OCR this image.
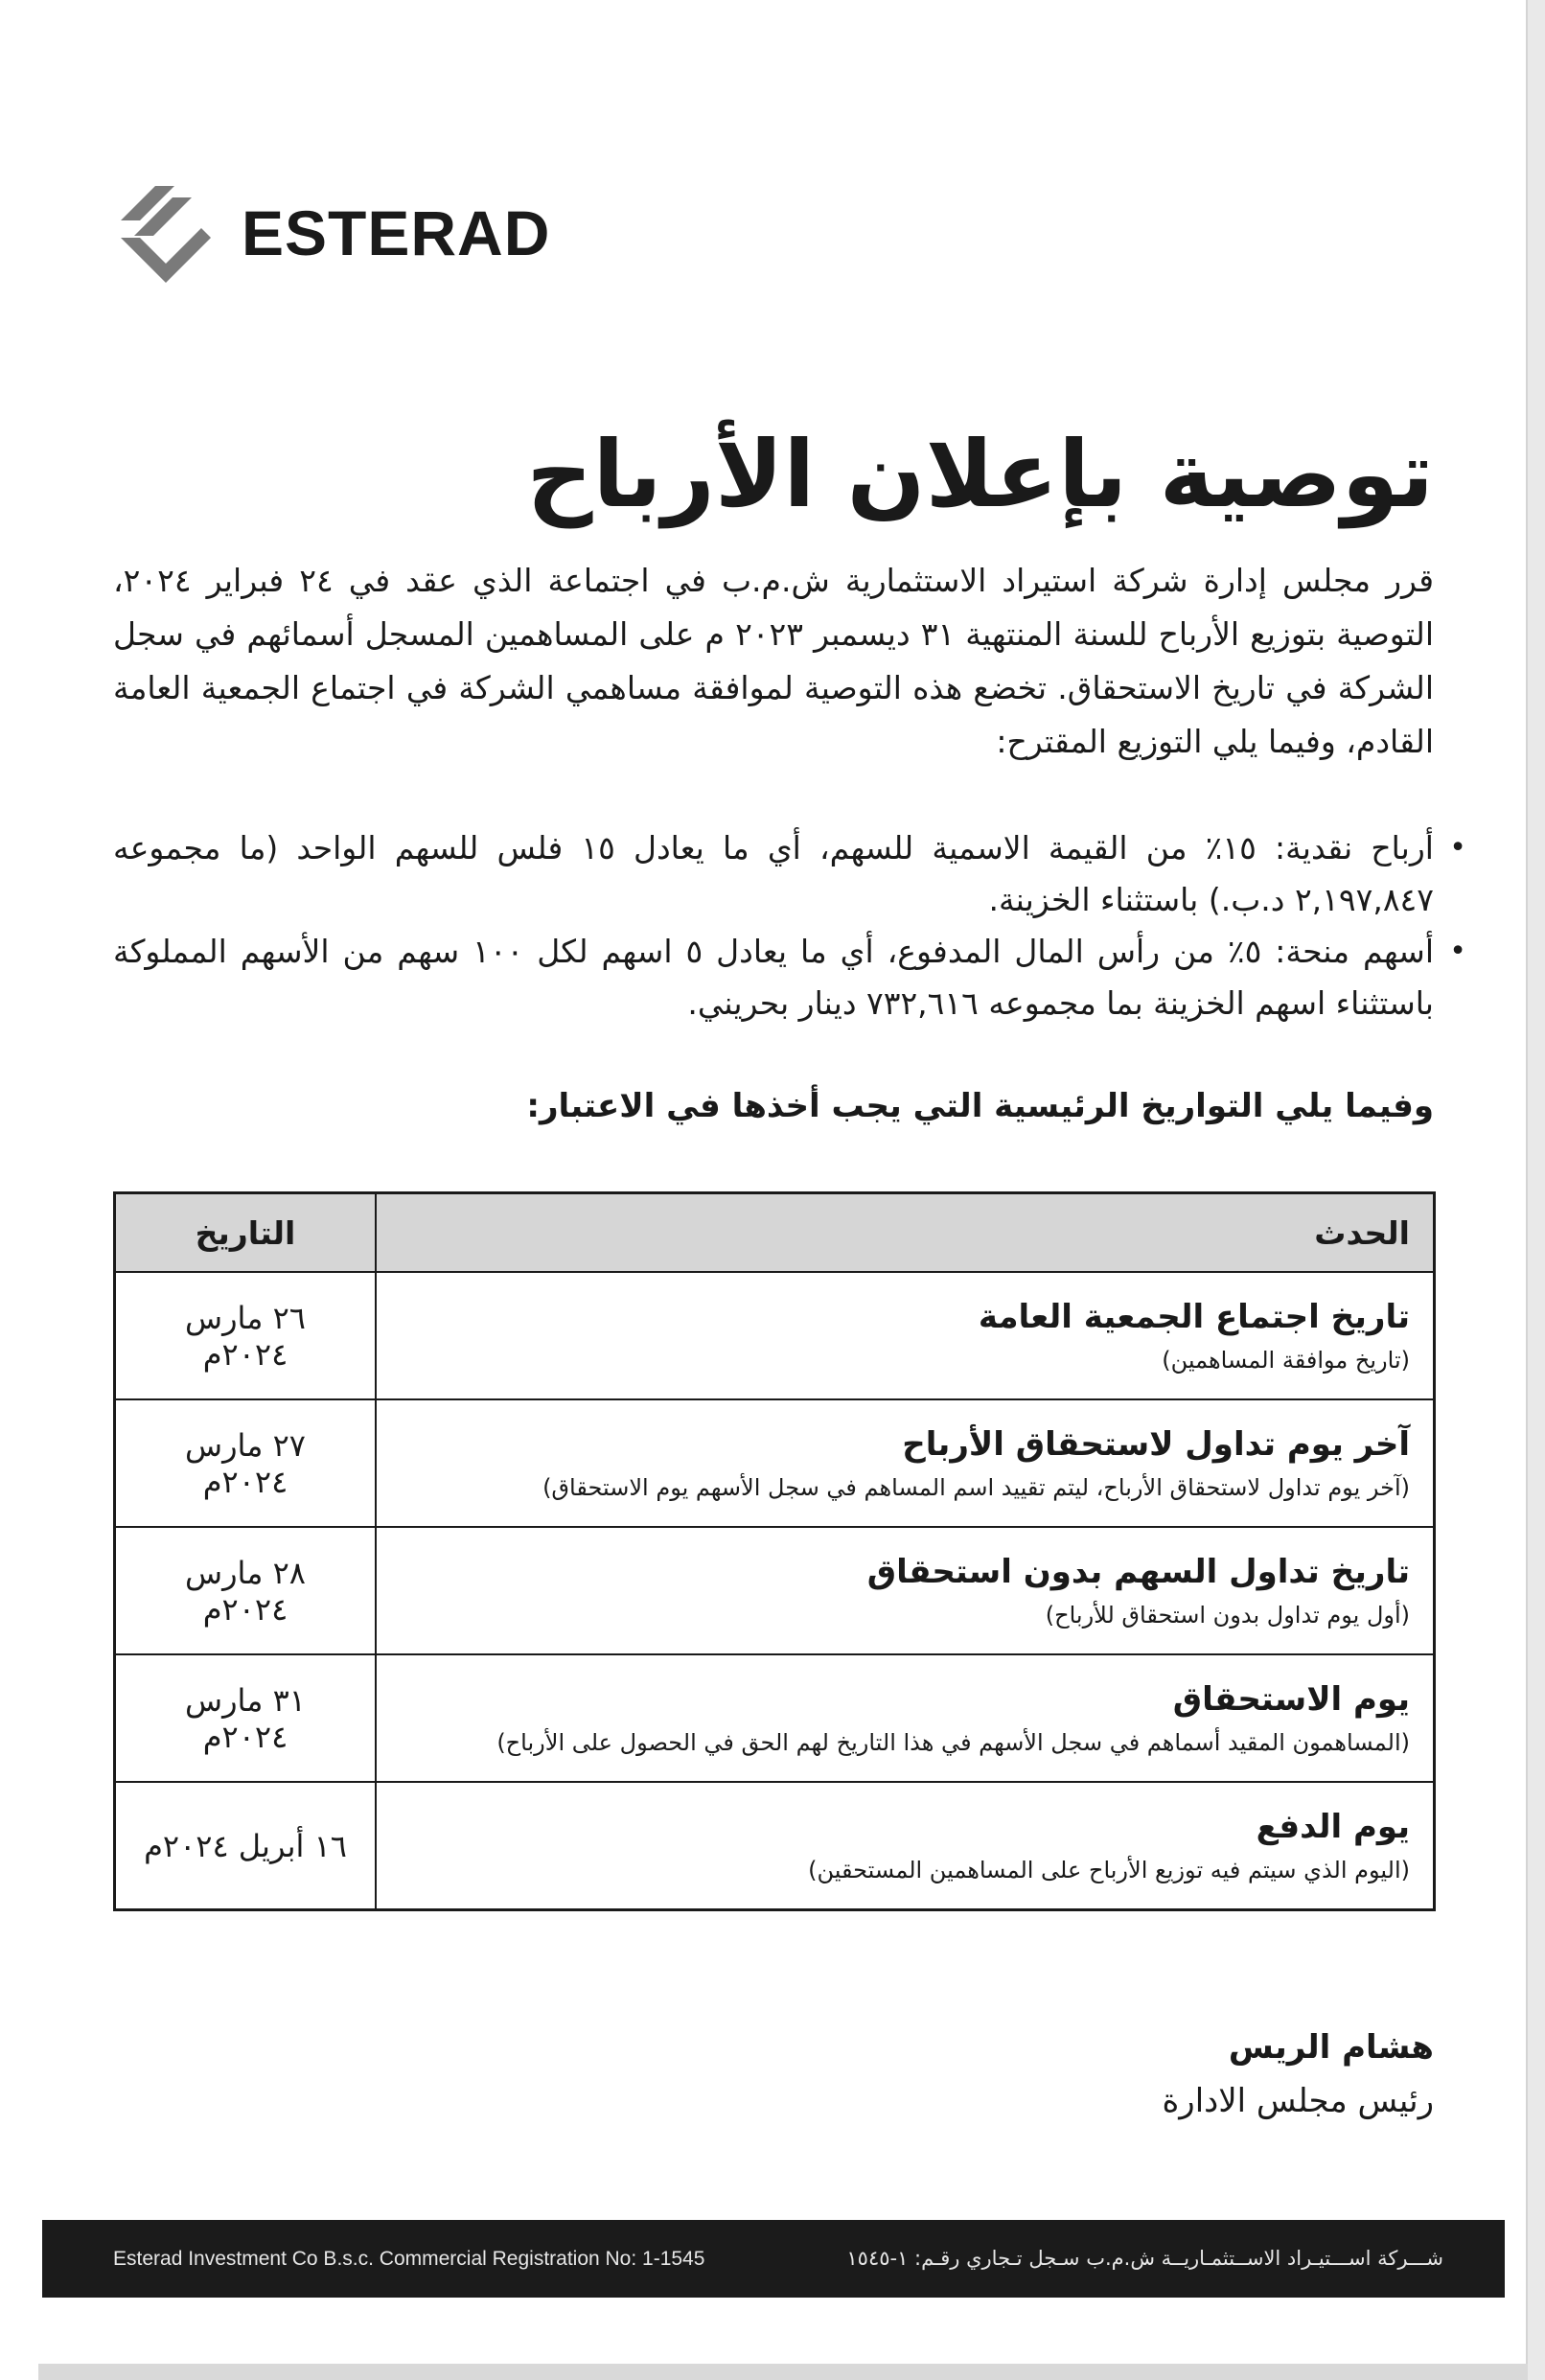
ESTERAD
توصية بإعلان الأرباح

قرر مجلس إدارة شركة استيراد الاستثمارية ش.م.ب في اجتماعة الذي عقد في ٢٤ فبراير ٢٠٢٤، التوصية بتوزيع الأرباح للسنة المنتهية ٣١ ديسمبر ٢٠٢٣ م على المساهمين المسجل أسمائهم في سجل الشركة في تاريخ الاستحقاق. تخضع هذه التوصية لموافقة مساهمي الشركة في اجتماع الجمعية العامة القادم، وفيما يلي التوزيع المقترح:

• أرباح نقدية: ١٥٪ من القيمة الاسمية للسهم، أي ما يعادل ١٥ فلس للسهم الواحد (ما مجموعه ٢,١٩٧,٨٤٧ د.ب.) باستثناء الخزينة.
• أسهم منحة: ٥٪ من رأس المال المدفوع، أي ما يعادل ٥ اسهم لكل ١٠٠ سهم من الأسهم المملوكة باستثناء اسهم الخزينة بما مجموعه ٧٣٢,٦١٦ دينار بحريني.

وفيما يلي التواريخ الرئيسية التي يجب أخذها في الاعتبار:

الحدث	التاريخ

تاريخ اجتماع الجمعية العامة
(تاريخ موافقة المساهمين)	٢٦ مارس ٢٠٢٤م

آخر يوم تداول لاستحقاق الأرباح
(آخر يوم تداول لاستحقاق الأرباح، ليتم تقييد اسم المساهم في سجل الأسهم يوم الاستحقاق)	٢٧ مارس ٢٠٢٤م

تاريخ تداول السهم بدون استحقاق
(أول يوم تداول بدون استحقاق للأرباح)	٢٨ مارس ٢٠٢٤م

يوم الاستحقاق
(المساهمون المقيد أسماهم في سجل الأسهم في هذا التاريخ لهم الحق في الحصول على الأرباح)	٣١ مارس ٢٠٢٤م

يوم الدفع
(اليوم الذي سيتم فيه توزيع الأرباح على المساهمين المستحقين)	١٦ أبريل ٢٠٢٤م
هشام الريس
رئيس مجلس الادارة
Esterad Investment Co B.s.c. Commercial Registration No: 1-1545	شـــركة اســـتيـراد الاســتثمـاريــة ش.م.ب سـجل تـجاري رقـم: ١-١٥٤٥
